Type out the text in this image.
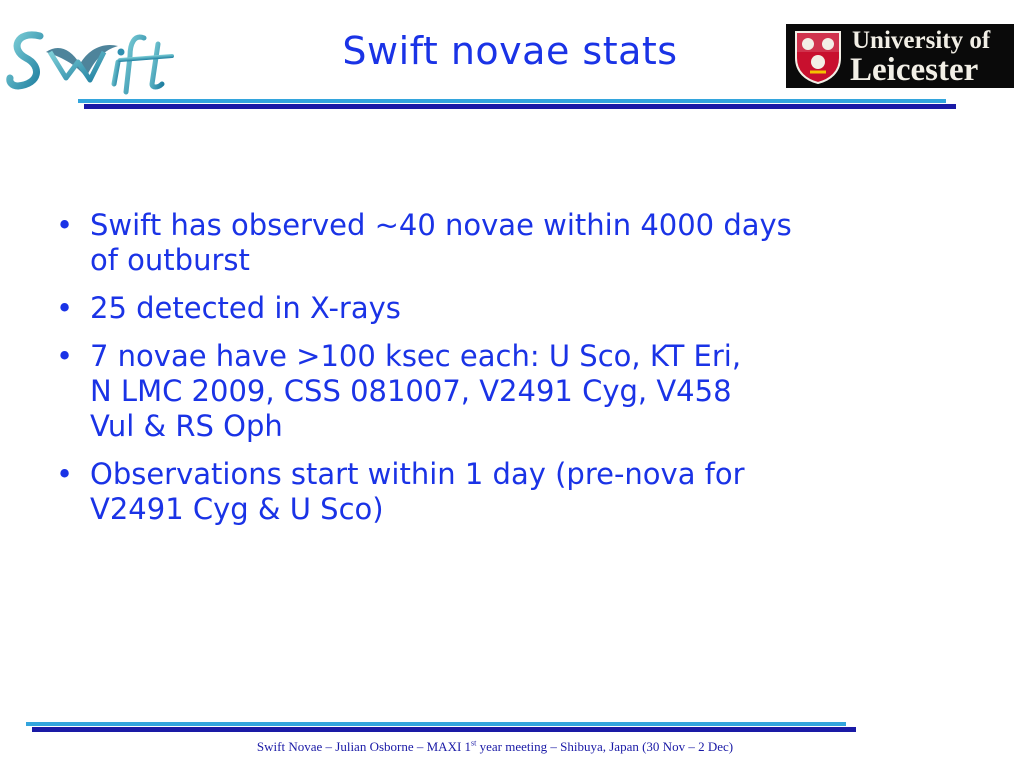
Swift novae stats	University of
Leicester
• Swift has observed ~40 novae within 4000 days
of outburst
• 25 detected in X-rays
• 7 novae have >100 ksec each: U Sco, KT Eri,
N LMC 2009, CSS 081007, V2491 Cyg, V458
Vul & RS Oph
• Observations start within 1 day (pre-nova for
V2491 Cyg & U Sco)
Swift Novae – Julian Osborne – MAXI 1st year meeting – Shibuya, Japan (30 Nov – 2 Dec)
